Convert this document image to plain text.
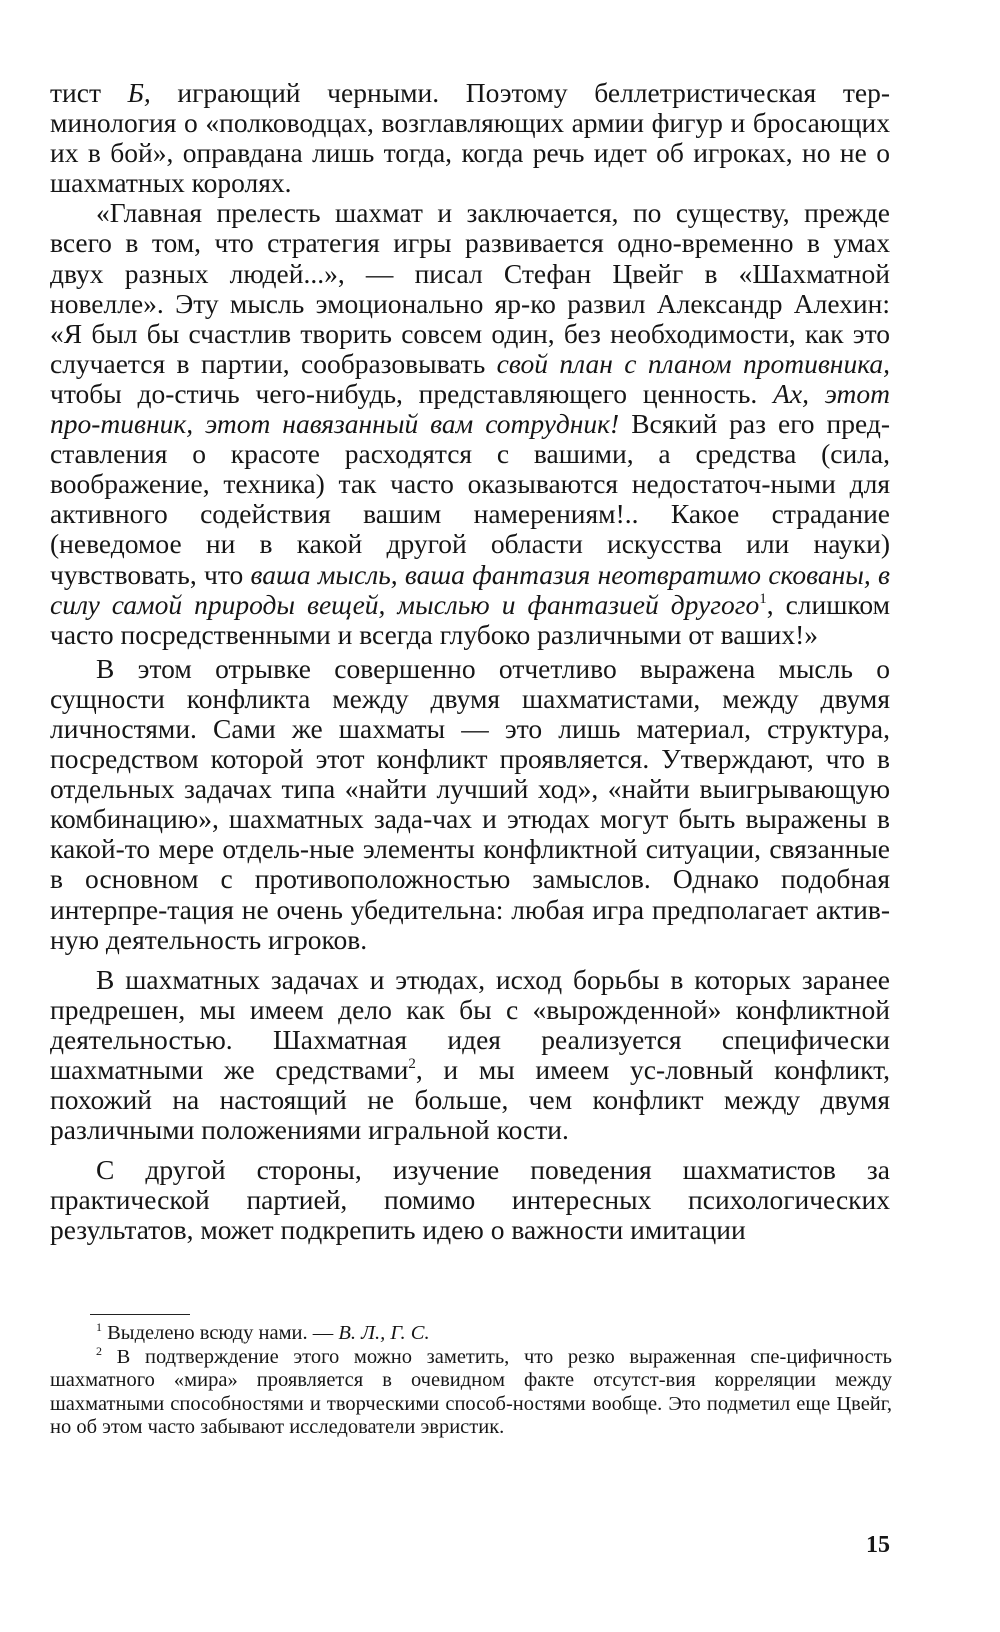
тист Б, играющий черными. Поэтому беллетристическая тер-минология о «полководцах, возглавляющих армии фигур и бросающих их в бой», оправдана лишь тогда, когда речь идет об игроках, но не о шахматных королях.

«Главная прелесть шахмат и заключается, по существу, прежде всего в том, что стратегия игры развивается одно-временно в умах двух разных людей...», — писал Стефан Цвейг в «Шахматной новелле». Эту мысль эмоционально яр-ко развил Александр Алехин: «Я был бы счастлив творить совсем один, без необходимости, как это случается в партии, сообразовывать свой план с планом противника, чтобы до-стичь чего-нибудь, представляющего ценность. Ах, этот про-тивник, этот навязанный вам сотрудник! Всякий раз его пред-ставления о красоте расходятся с вашими, а средства (сила, воображение, техника) так часто оказываются недостаточ-ными для активного содействия вашим намерениям!.. Какое страдание (неведомое ни в какой другой области искусства или науки) чувствовать, что ваша мысль, ваша фантазия неотвратимо скованы, в силу самой природы вещей, мыслью и фантазией другого$^1$, слишком часто посредственными и всегда глубоко различными от ваших!»

В этом отрывке совершенно отчетливо выражена мысль о сущности конфликта между двумя шахматистами, между двумя личностями. Сами же шахматы — это лишь материал, структура, посредством которой этот конфликт проявляется. Утверждают, что в отдельных задачах типа «найти лучший ход», «найти выигрывающую комбинацию», шахматных зада-чах и этюдах могут быть выражены в какой-то мере отдель-ные элементы конфликтной ситуации, связанные в основном с противоположностью замыслов. Однако подобная интерпре-тация не очень убедительна: любая игра предполагает актив-ную деятельность игроков.

В шахматных задачах и этюдах, исход борьбы в которых заранее предрешен, мы имеем дело как бы с «вырожденной» конфликтной деятельностью. Шахматная идея реализуется специфически шахматными же средствами$^2$, и мы имеем ус-ловный конфликт, похожий на настоящий не больше, чем конфликт между двумя различными положениями игральной кости.

С другой стороны, изучение поведения шахматистов за практической партией, помимо интересных психологических результатов, может подкрепить идею о важности имитации

$^1$ Выделено всюду нами. — В. Л., Г. С.

$^2$ В подтверждение этого можно заметить, что резко выраженная спе-цифичность шахматного «мира» проявляется в очевидном факте отсутст-вия корреляции между шахматными способностями и творческими способ-ностями вообще. Это подметил еще Цвейг, но об этом часто забывают исследователи эвристик.

15
